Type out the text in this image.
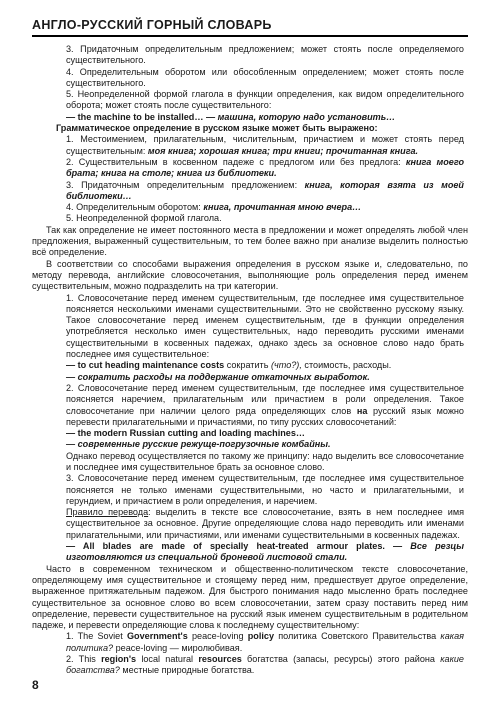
АНГЛО-РУССКИЙ ГОРНЫЙ СЛОВАРЬ
3. Придаточным определительным предложением; может стоять после определяемого существительного.
4. Определительным оборотом или обособленным определением; может стоять после существительного.
5. Неопределенной формой глагола в функции определения, как видом определительного оборота; может стоять после существительного:
— the machine to be installed… — машина, которую надо установить…
Грамматическое определение в русском языке может быть выражено:
1. Местоимением, прилагательным, числительным, причастием и может стоять перед существительным: моя книга; хорошая книга; три книги; прочитанная книга.
2. Существительным в косвенном падеже с предлогом или без предлога: книга моего брата; книга на столе; книга из библиотеки.
3. Придаточным определительным предложением: книга, которая взята из моей библиотеки…
4. Определительным оборотом: книга, прочитанная мною вчера…
5. Неопределенной формой глагола.
Так как определение не имеет постоянного места в предложении и может определять любой член предложения, выраженный существительным, то тем более важно при анализе выделить полностью всё определение.
В соответствии со способами выражения определения в русском языке и, следовательно, по методу перевода, английские словосочетания, выполняющие роль определения перед именем существительным, можно подразделить на три категории.
1. Словосочетание перед именем существительным, где последнее имя существительное поясняется несколькими именами существительными. Это не свойственно русскому языку. Такое словосочетание перед именем существительным, где в функции определения употребляется несколько имен существительных, надо переводить русскими именами существительными в косвенных падежах, однако здесь за основное слово надо брать последнее имя существительное:
— to cut heading maintenance costs сократить (что?), стоимость, расходы.
— сократить расходы на поддержание откаточных выработок.
2. Словосочетание перед именем существительным, где последнее имя существительное поясняется наречием, прилагательным или причастием в роли определения. Такое словосочетание при наличии целого ряда определяющих слов на русский язык можно перевести прилагательными и причастиями, по типу русских словосочетаний:
— the modern Russian cutting and loading machines…
— современные русские режуще-погрузочные комбайны.
Однако перевод осуществляется по такому же принципу: надо выделить все словосочетание и последнее имя существительное брать за основное слово.
3. Словосочетание перед именем существительным, где последнее имя существительное поясняется не только именами существительными, но часто и прилагательными, и герундием, и причастием в роли определения, и наречием.
Правило перевода: выделить в тексте все словосочетание, взять в нем последнее имя существительное за основное. Другие определяющие слова надо переводить или именами прилагательными, или причастиями, или именами существительными в косвенных падежах.
— All blades are made of specially heat-treated armour plates. — Все резцы изготовляются из специальной броневой листовой стали.
Часто в современном техническом и общественно-политическом тексте словосочетание, определяющему имя существительное и стоящему перед ним, предшествует другое определение, выраженное притяжательным падежом. Для быстрого понимания надо мысленно брать последнее существительное за основное слово во всем словосочетании, затем сразу поставить перед ним определение, перевести существительное на русский язык именем существительным в родительном падеже, и перевести определяющие слова к последнему существительному:
1. The Soviet Government's peace-loving policy политика Советского Правительства какая политика? peace-loving — миролюбивая.
2. This region's local natural resources богатства (запасы, ресурсы) этого района какие богатства? местные природные богатства.
8
